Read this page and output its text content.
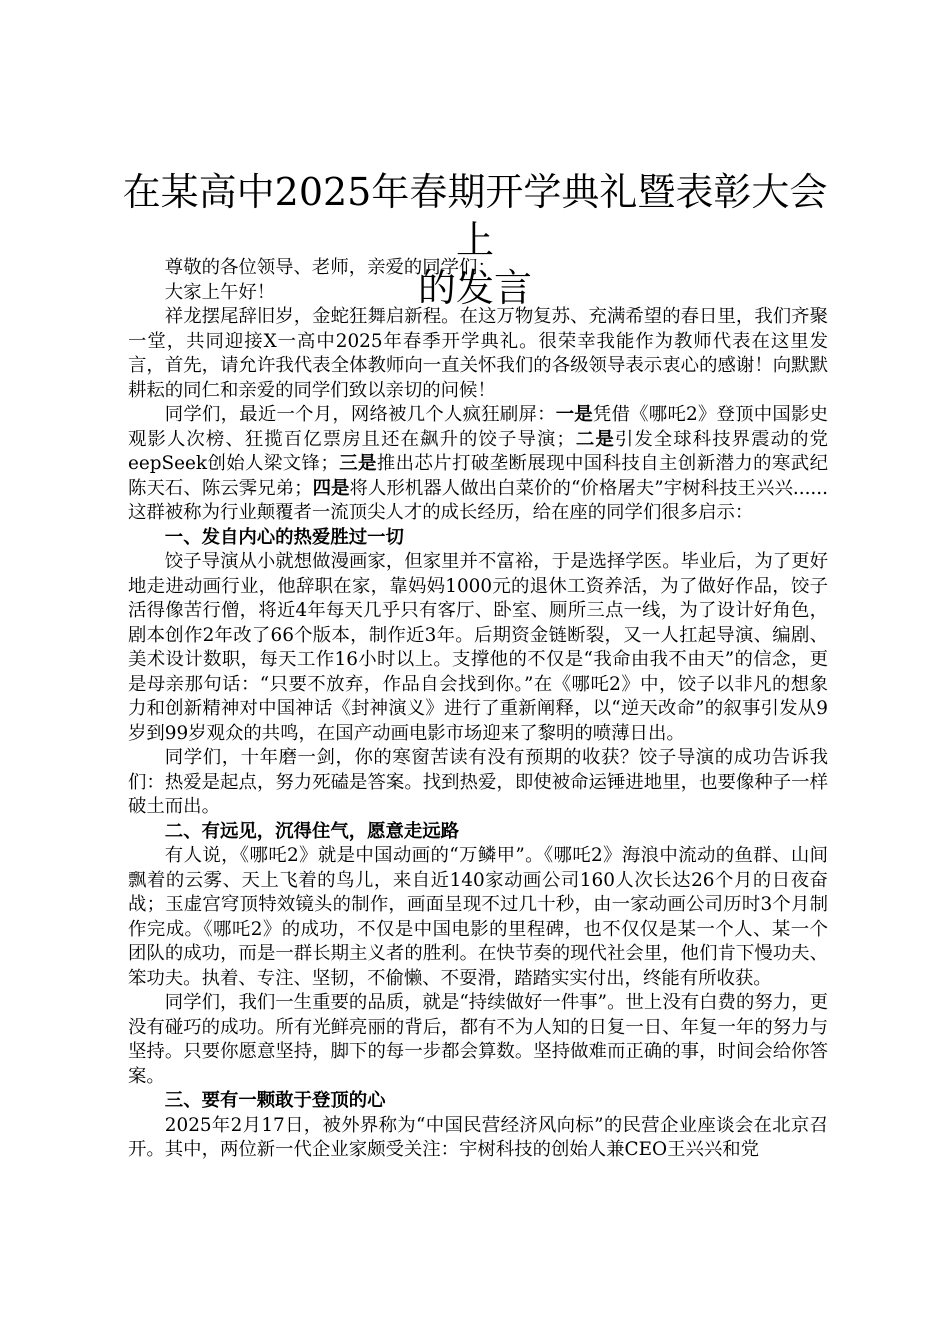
在某高中2025年春期开学典礼暨表彰大会上
的发言

尊敬的各位领导、老师，亲爱的同学们：

大家上午好！

祥龙摆尾辞旧岁，金蛇狂舞启新程。在这万物复苏、充满希望的春日里，我们齐聚一堂，共同迎接X一高中2025年春季开学典礼。很荣幸我能作为教师代表在这里发言，首先，请允许我代表全体教师向一直关怀我们的各级领导表示衷心的感谢！向默默耕耘的同仁和亲爱的同学们致以亲切的问候！

同学们，最近一个月，网络被几个人疯狂刷屏：一是凭借《哪吒2》登顶中国影史观影人次榜、狂揽百亿票房且还在飙升的饺子导演；二是引发全球科技界震动的党eepSeek创始人梁文锋；三是推出芯片打破垄断展现中国科技自主创新潜力的寒武纪陈天石、陈云霁兄弟；四是将人形机器人做出白菜价的“价格屠夫”宇树科技王兴兴......这群被称为行业颠覆者一流顶尖人才的成长经历，给在座的同学们很多启示：

一、发自内心的热爱胜过一切

饺子导演从小就想做漫画家，但家里并不富裕，于是选择学医。毕业后，为了更好地走进动画行业，他辞职在家，靠妈妈1000元的退休工资养活，为了做好作品，饺子活得像苦行僧，将近4年每天几乎只有客厅、卧室、厕所三点一线，为了设计好角色，剧本创作2年改了66个版本，制作近3年。后期资金链断裂，又一人扛起导演、编剧、美术设计数职，每天工作16小时以上。支撑他的不仅是“我命由我不由天”的信念，更是母亲那句话：“只要不放弃，作品自会找到你。”在《哪吒2》中，饺子以非凡的想象力和创新精神对中国神话《封神演义》进行了重新阐释，以“逆天改命”的叙事引发从9岁到99岁观众的共鸣，在国产动画电影市场迎来了黎明的喷薄日出。

同学们，十年磨一剑，你的寒窗苦读有没有预期的收获？饺子导演的成功告诉我们：热爱是起点，努力死磕是答案。找到热爱，即使被命运锤进地里，也要像种子一样破土而出。

二、有远见，沉得住气，愿意走远路

有人说，《哪吒2》就是中国动画的“万鳞甲”。《哪吒2》海浪中流动的鱼群、山间飘着的云雾、天上飞着的鸟儿，来自近140家动画公司160人次长达26个月的日夜奋战；玉虚宫穹顶特效镜头的制作，画面呈现不过几十秒，由一家动画公司历时3个月制作完成。《哪吒2》的成功，不仅是中国电影的里程碑，也不仅仅是某一个人、某一个团队的成功，而是一群长期主义者的胜利。在快节奏的现代社会里，他们肯下慢功夫、笨功夫。执着、专注、坚韧，不偷懒、不耍滑，踏踏实实付出，终能有所收获。

同学们，我们一生重要的品质，就是“持续做好一件事”。世上没有白费的努力，更没有碰巧的成功。所有光鲜亮丽的背后，都有不为人知的日复一日、年复一年的努力与坚持。只要你愿意坚持，脚下的每一步都会算数。坚持做难而正确的事，时间会给你答案。

三、要有一颗敢于登顶的心

2025年2月17日，被外界称为“中国民营经济风向标”的民营企业座谈会在北京召开。其中，两位新一代企业家颇受关注：宇树科技的创始人兼CEO王兴兴和党
